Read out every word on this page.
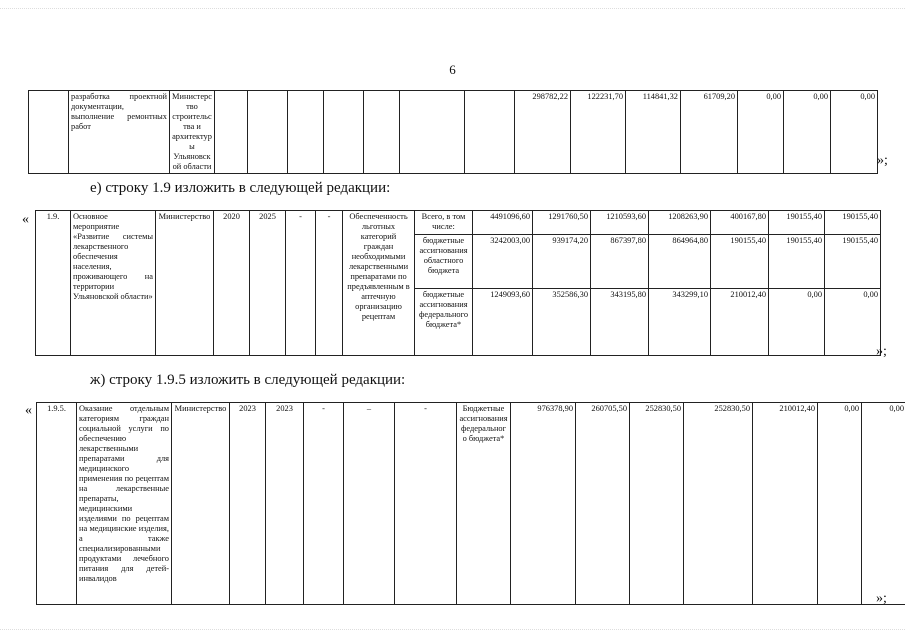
6
	разработка проектной документации, выполнение ремонтных работ	Министерство строительства и архитектуры Ульяновской области								298782,22	122231,70	114841,32	61709,20	0,00	0,00	0,00
»;
е) строку 1.9 изложить в следующей редакции:
« 1.9.	Основное мероприятие «Развитие системы лекарственного обеспечения населения, проживающего на территории Ульяновской области»	Министерство	2020	2025	-	-	Обеспеченность льготных категорий граждан необходимыми лекарственными препаратами по предъявленным в аптечную организацию рецептам	Всего, в том числе:	4491096,60	1291760,50	1210593,60	1208263,90	400167,80	190155,40	190155,40
								бюджетные ассигнования областного бюджета	3242003,00	939174,20	867397,80	864964,80	190155,40	190155,40	190155,40
								бюджетные ассигнования федерального бюджета*	1249093,60	352586,30	343195,80	343299,10	210012,40	0,00	0,00
»;
ж) строку 1.9.5 изложить в следующей редакции:
« 1.9.5.	Оказание отдельным категориям граждан социальной услуги по обеспечению лекарственными препаратами для медицинского применения по рецептам на лекарственные препараты, медицинскими изделиями по рецептам на медицинские изделия, а также специализированными продуктами лечебного питания для детей-инвалидов	Министерство	2023	2023	-	–	-	Бюджетные ассигнования федерального бюджета*	976378,90	260705,50	252830,50	252830,50	210012,40	0,00	0,00
»;
